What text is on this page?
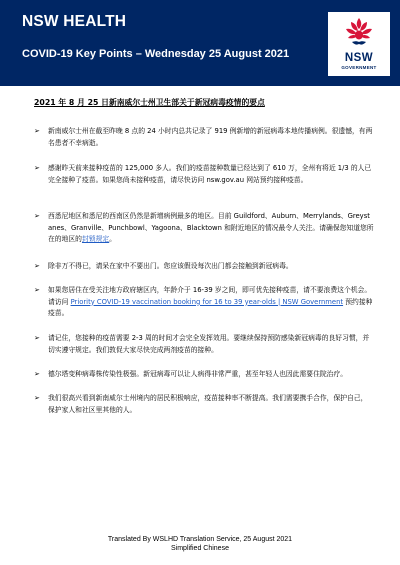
NSW HEALTH
COVID-19 Key Points – Wednesday 25 August 2021	NSW
GOVERNMENT
2021 年 8 月 25 日新南威尔士州卫生部关于新冠病毒疫情的要点
➢ 新南威尔士州在截至昨晚 8 点的 24 小时内总共记录了 919 例新增的新冠病毒本地传播病例。很遗憾，有两名患者不幸病逝。
➢ 感谢昨天前来接种疫苗的 125,000 多人。我们的疫苗接种数量已经达到了 610 万，全州有将近 1/3 的人已完全接种了疫苗。如果您尚未接种疫苗，请尽快访问 nsw.gov.au 网站预约接种疫苗。
➢ 西悉尼地区和悉尼的西南区仍然是新增病例最多的地区。目前 Guildford、Auburn、Merrylands、Greystanes、Granville、Punchbowl、Yagoona、Blacktown 和附近地区的情况最令人关注。请确保您知道您所在的地区的封锁规定。
➢ 除非万不得已，请呆在家中不要出门。您应该假设每次出门都会接触到新冠病毒。
➢ 如果您居住在受关注地方政府辖区内，年龄介于 16-39 岁之间，即可优先接种疫苗，请不要浪费这个机会。请访问 Priority COVID-19 vaccination booking for 16 to 39 year-olds | NSW Government 预约接种疫苗。
➢ 请记住，您接种的疫苗需要 2-3 周的时间才会完全发挥效用。要继续保持预防感染新冠病毒的良好习惯，并切实遵守规定。我们敦促大家尽快完成两剂疫苗的接种。
➢ 德尔塔变种病毒株传染性极强。新冠病毒可以让人病得非常严重，甚至年轻人也因此需要住院治疗。
➢ 我们很高兴看到新南威尔士州境内的居民积极响应，疫苗接种率不断提高。我们需要携手合作，保护自己，保护家人和社区里其他的人。
Translated By WSLHD Translation Service, 25 August 2021
Simplified Chinese
